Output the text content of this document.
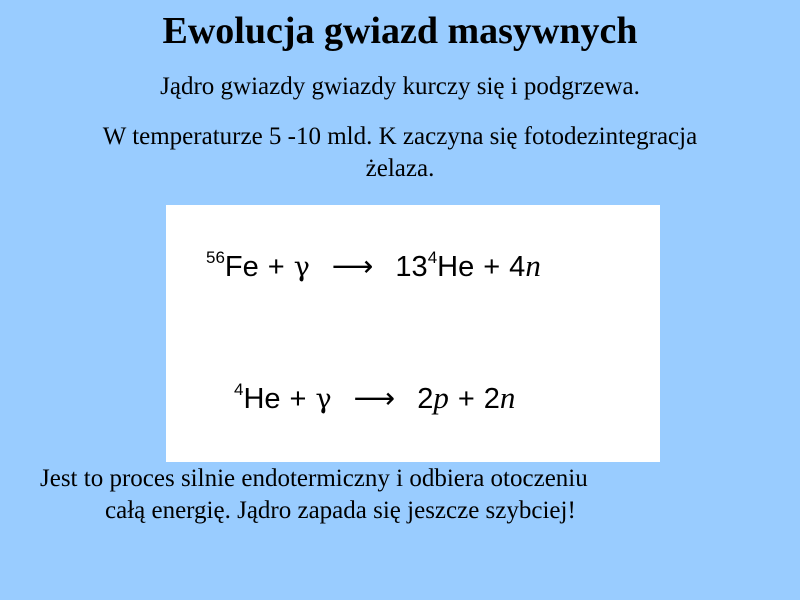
Ewolucja gwiazd masywnych
Jądro gwiazdy gwiazdy kurczy się i podgrzewa.
W temperaturze 5 -10 mld. K zaczyna się fotodezintegracja żelaza.
$^{56}$Fe + γ ⟶ $13^4He + 4n$
$^4$He + γ ⟶ 2p + 2n
Jest to proces silnie endotermiczny i odbiera otoczeniu
całą energię. Jądro zapada się jeszcze szybciej!
